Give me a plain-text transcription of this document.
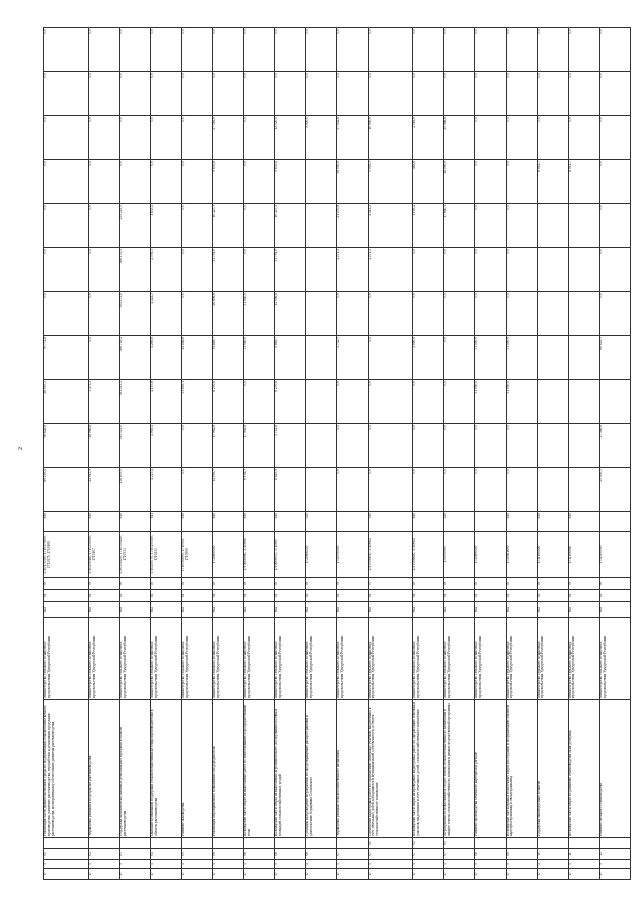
2
17	1	01		Реализация части правительственной среды по модернизации сельскохозяйственного производства, развитию растениеводства, переработки и реализации продукции растениеводства, мелиоративному обеспечению развития растениеводства	Министерство сельского хозяйства и продовольствия Удмуртской Республики	882	04	05	1710170390, 1710170900, 1713975, 1710100	810	69 255,4	56 628,8	48 097,3	70 774,8	0,0	0,0	0,0	0,0	0,0	0,0	0,0
17	1	02		Управление рисками в подотраслях растениеводства	Министерство сельского хозяйства и продовольствия Удмуртской Республики	882	04	05	1710250380, 1710250390, 1710107	810	24 913,9	26 966,8	3 473,2	0,0	0,0	0,0	0,0	0,0	0,0	0,0	0,0
17	1	03		Поддержка экономически значимых региональных программ в области растениеводства	Министерство сельского хозяйства и продовольствия Удмуртской Республики	882	04	05	1710350430, 1710350440, 1710333	810	438 879,5	395 522,0	381 113,2	366 749,4	304 172,0	366 133,5	235 243,5	0,0	0,0	0,0	0,0
17	1	04		Оказание несвязанной поддержки сельскохозяйственным товаропроизводителям в области растениеводства	Министерство сельского хозяйства и продовольствия Удмуртской Республики	882	04	05	1710450770, 1710450780, 1710433	611	4 227,4	4 065,4	4 157,6	4 269,6	4 422,3	4 576,3	1 833,4	0,0	0,0	0,0	0,0
17	1	05		Развитие льноводства	Министерство сельского хозяйства и продовольствия Удмуртской Республики	882	04	05	1710550000, 1710555, 1710500	810	0,0	0,0	31 893,1	44 846,6	0,0	0,0	0,0	0,0	0,0	0,0	0,0
17	1	06		Реализация мероприятий по повышению плодородия почв	Министерство сельского хозяйства и продовольствия Удмуртской Республики	882	04	05	1710600000	810	14 955,7	17 962,8	8 270,6	39 889,7	26 806,6	11 791,0	10 427,5	9 653,8	27 316,0	0,0	0,0
17	1	06		Возмещение части затрат на выполнение работ по известкованию и фосфоритованию почв	Министерство сельского хозяйства и продовольствия Удмуртской Республики	882	04	05	1710606060, 1710666	810	6 194,7	17 962,8	0,0	31 940,0	31 940,0	0,0	0,0	0,0	0,0	0,0	0,0
17	1	06		Возмещение части затрат на выполнение агрохимического обследования посевных площадей сельскохозяйственных угодий	Министерство сельского хозяйства и продовольствия Удмуртской Республики	882	04	05	1710606070, 1710667	810	8 625,9	2 722,8	8 270,6	9 869,7	14 956,6	11 791,0	10 427,5	9 653,8	12 320,0	0,0	0,0
17	1	06		Субсидии на проведение мероприятий по предотвращению распространения и уничтожению борщевика Сосновского	Министерство сельского хозяйства и продовольствия Удмуртской Республики	882	04	05	1710606150	520									5 000,0	0,0	0,0
17	1	07		Управление рисками сельскохозяйственного назначения	Министерство сельского хозяйства и продовольствия Удмуртской Республики	882	04	05	1710700000		0,0	0,0	0,0	2 742,5	0,0	4 271,2	21 270,8	36 950,0	37 944,8	0,0	0,0
17	1	07	01	Проведение кадастровых работ по оформлению земельных участков, выделенных в счет земельных долей, находящихся в муниципальной собственности, и земель сельскохозяйственного назначения	Министерство сельского хозяйства и продовольствия Удмуртской Республики	882	04	07	1710706630, 1710664	520	0,0	0,0	0,0	0,0	0,0	4 271,2	4 414,3	5 003,3	10 000,0	0,0	0,0
17	1	07	02	Возмещение части затрат на проведение кадастровых работ по оформлению земельных участков, выделенных в счет земельных долей, сельскохозяйственного назначения	Министерство сельского хозяйства и продовольствия Удмуртской Республики	882	04	05	1710706620, 1710664	810	0,0	0,0	0,0	2 090,0	0,0	0,0	1 195,4	418,6	2 516,0	0,0	0,0
17	1	07	03	Мероприятия по вовлечению в оборот земель сельскохозяйственного назначения и защите земель сельскохозяйственного назначения в рамках ведомственной программы	Министерство сельского хозяйства и продовольствия Удмуртской Республики	882	04	05	171070000	240	0,0	0,0	0,0	0,0	0,0	0,0	17 660,1	28 000,0	25 988,8	0,0	0,0
17	1	08		Развитие производства семенного картофеля в регионе	Министерство сельского хозяйства и продовольствия Удмуртской Республики	882	04	05	1710800000		0,0	0,0	31 000,0	31 000,0	0,0	0,0	0,0	0,0	0,0	0,0	0,0
17	1	09		Возмещение части прямых понесенных затрат на создание и модернизацию объектов картофелехранилищ и овощехранилищ	Министерство сельского хозяйства и продовольствия Удмуртской Республики	882	04	05	1710981600	810	0,0	0,0	31 000,0	31 000,0	0,0	0,0	0,0	0,0	0,0	0,0	0,0
17	1	10		Поддержка льноводческих хозяйств	Министерство сельского хозяйства и продовольствия Удмуртской Республики	882	04	05	1711100000	810								8 914,7	0,0	0,0	0,0
17	1	11		Возмещение части затрат по развитию семеноводства льна-долгунца	Министерство сельского хозяйства и продовольствия Удмуртской Республики	882	04	05	1711106060	810								8 914,7	0,0	0,0	0,0
17	1	12		Развитие овощного семеноводства	Министерство сельского хозяйства и продовольствия Удмуртской Республики	882	04	05	1711200000		45 905,3	27 466,8		66 645,3	0,0	0,0	0,0	0,0	0,0	0,0	0,0
